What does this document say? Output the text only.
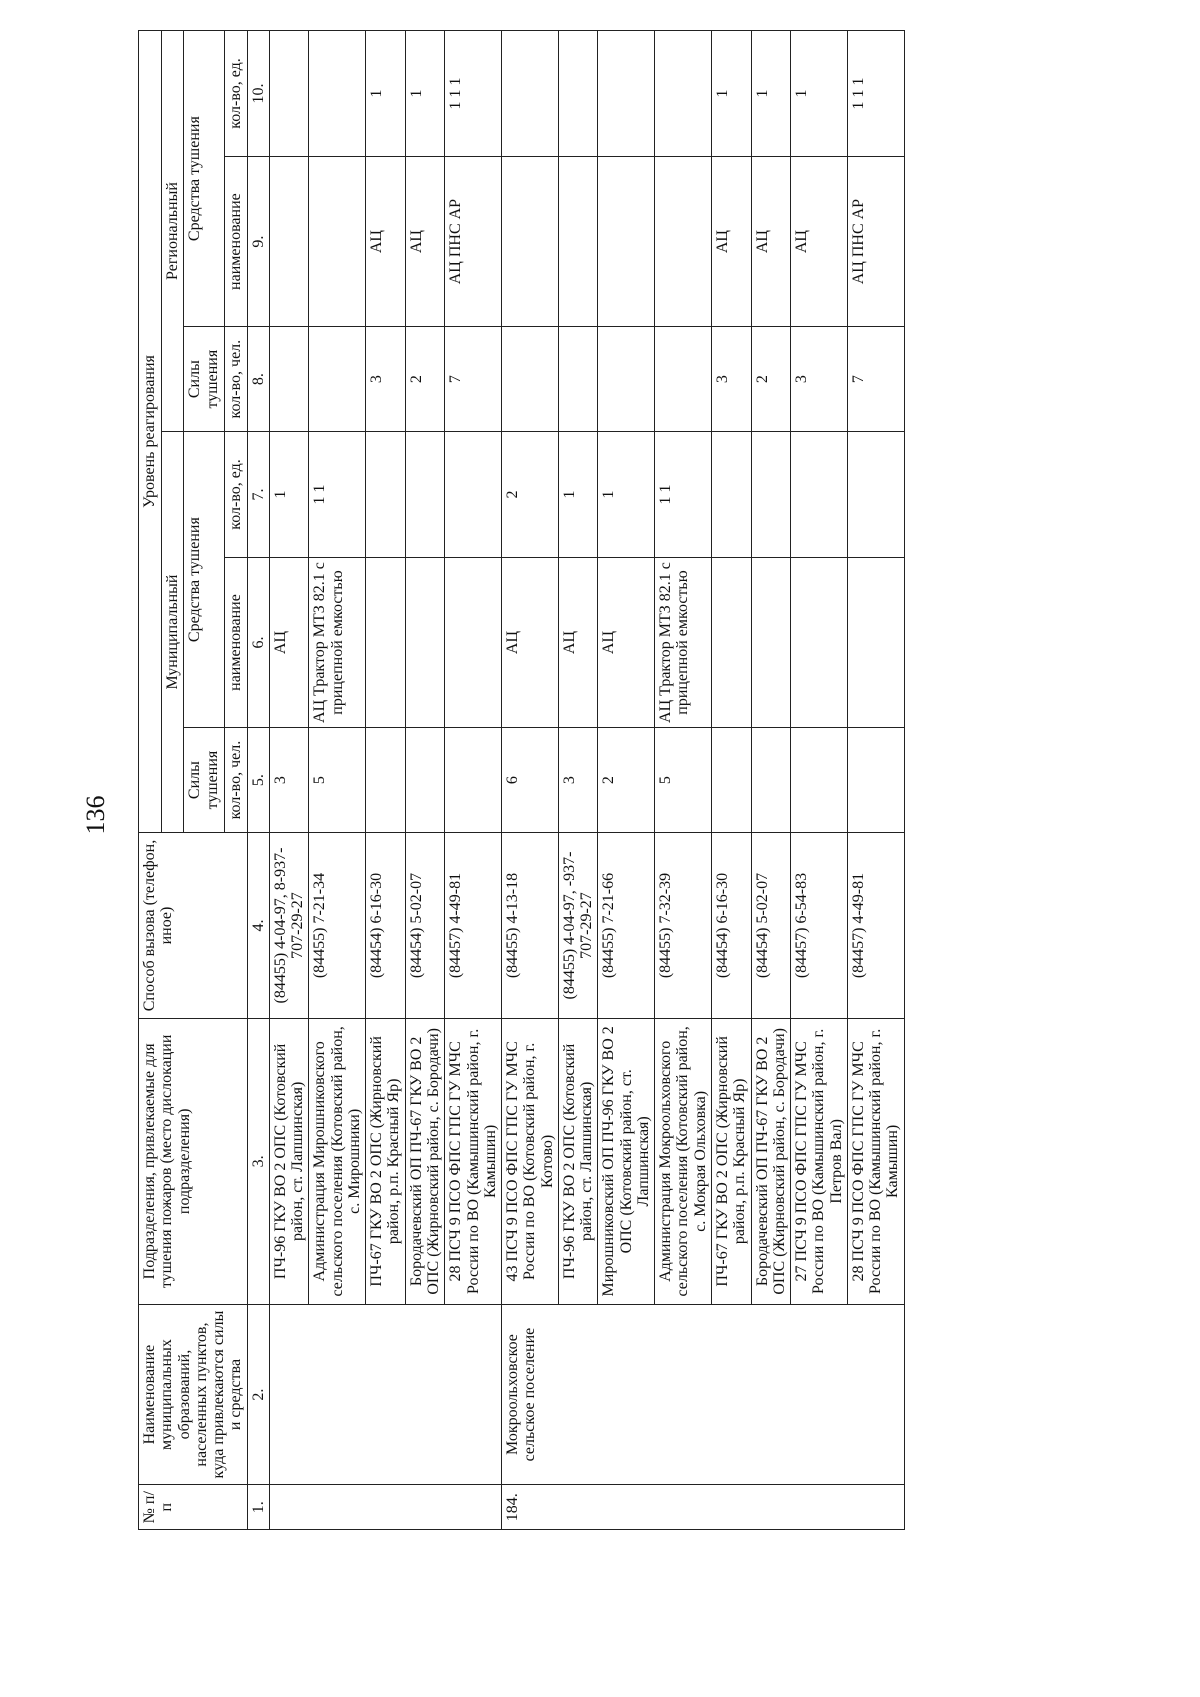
136
№ п/п	Наименование муниципальных образований, населенных пунктов, куда привлекаются силы и средства	Подразделения, привлекаемые для тушения пожаров (место дислокации подразделения)	Способ вызова (телефон, иное)	Уровень реагирования					
				Муниципальный			Региональный		
				Силы тушения	Средства тушения		Силы тушения	Средства тушения	
				кол-во, чел.	наименование	кол-во, ед.	кол-во, чел.	наименование	кол-во, ед.
1.	2.	3.	4.	5.	6.	7.	8.	9.	10.
		ПЧ-96 ГКУ ВО 2 ОПС (Котовский район, ст. Лапшинская)	(84455) 4-04-97, 8-937-707-29-27	3	АЦ	1			
		Администрация Мирошниковского сельского поселения (Котовский район, с. Мирошники)	(84455) 7-21-34	5	АЦ Трактор МТЗ 82.1 с прицепной емкостью	1 1			
		ПЧ-67 ГКУ ВО 2 ОПС (Жирновский район, р.п. Красный Яр)	(84454) 6-16-30				3	АЦ	1
		Бородачевский ОП ПЧ-67 ГКУ ВО 2 ОПС (Жирновский район, с. Бородачи)	(84454) 5-02-07				2	АЦ	1
		28 ПСЧ 9 ПСО ФПС ГПС ГУ МЧС России по ВО (Камышинский район, г. Камышин)	(84457) 4-49-81				7	АЦ ПНС АР	1 1 1
184.	Мокроольховское сельское поселение	43 ПСЧ 9 ПСО ФПС ГПС ГУ МЧС России по ВО (Котовский район, г. Котово)	(84455) 4-13-18	6	АЦ	2			
		ПЧ-96 ГКУ ВО 2 ОПС (Котовский район, ст. Лапшинская)	(84455) 4-04-97, -937-707-29-27	3	АЦ	1			
		Мирошниковский ОП ПЧ-96 ГКУ ВО 2 ОПС (Котовский район, ст. Лапшинская)	(84455) 7-21-66	2	АЦ	1			
		Администрация Мокроольховского сельского поселения (Котовский район, с. Мокрая Ольховка)	(84455) 7-32-39	5	АЦ Трактор МТЗ 82.1 с прицепной емкостью	1 1			
		ПЧ-67 ГКУ ВО 2 ОПС (Жирновский район, р.п. Красный Яр)	(84454) 6-16-30				3	АЦ	1
		Бородачевский ОП ПЧ-67 ГКУ ВО 2 ОПС (Жирновский район, с. Бородачи)	(84454) 5-02-07				2	АЦ	1
		27 ПСЧ 9 ПСО ФПС ГПС ГУ МЧС России по ВО (Камышинский район, г. Петров Вал)	(84457) 6-54-83				3	АЦ	1
		28 ПСЧ 9 ПСО ФПС ГПС ГУ МЧС России по ВО (Камышинский район, г. Камышин)	(84457) 4-49-81				7	АЦ ПНС АР	1 1 1
